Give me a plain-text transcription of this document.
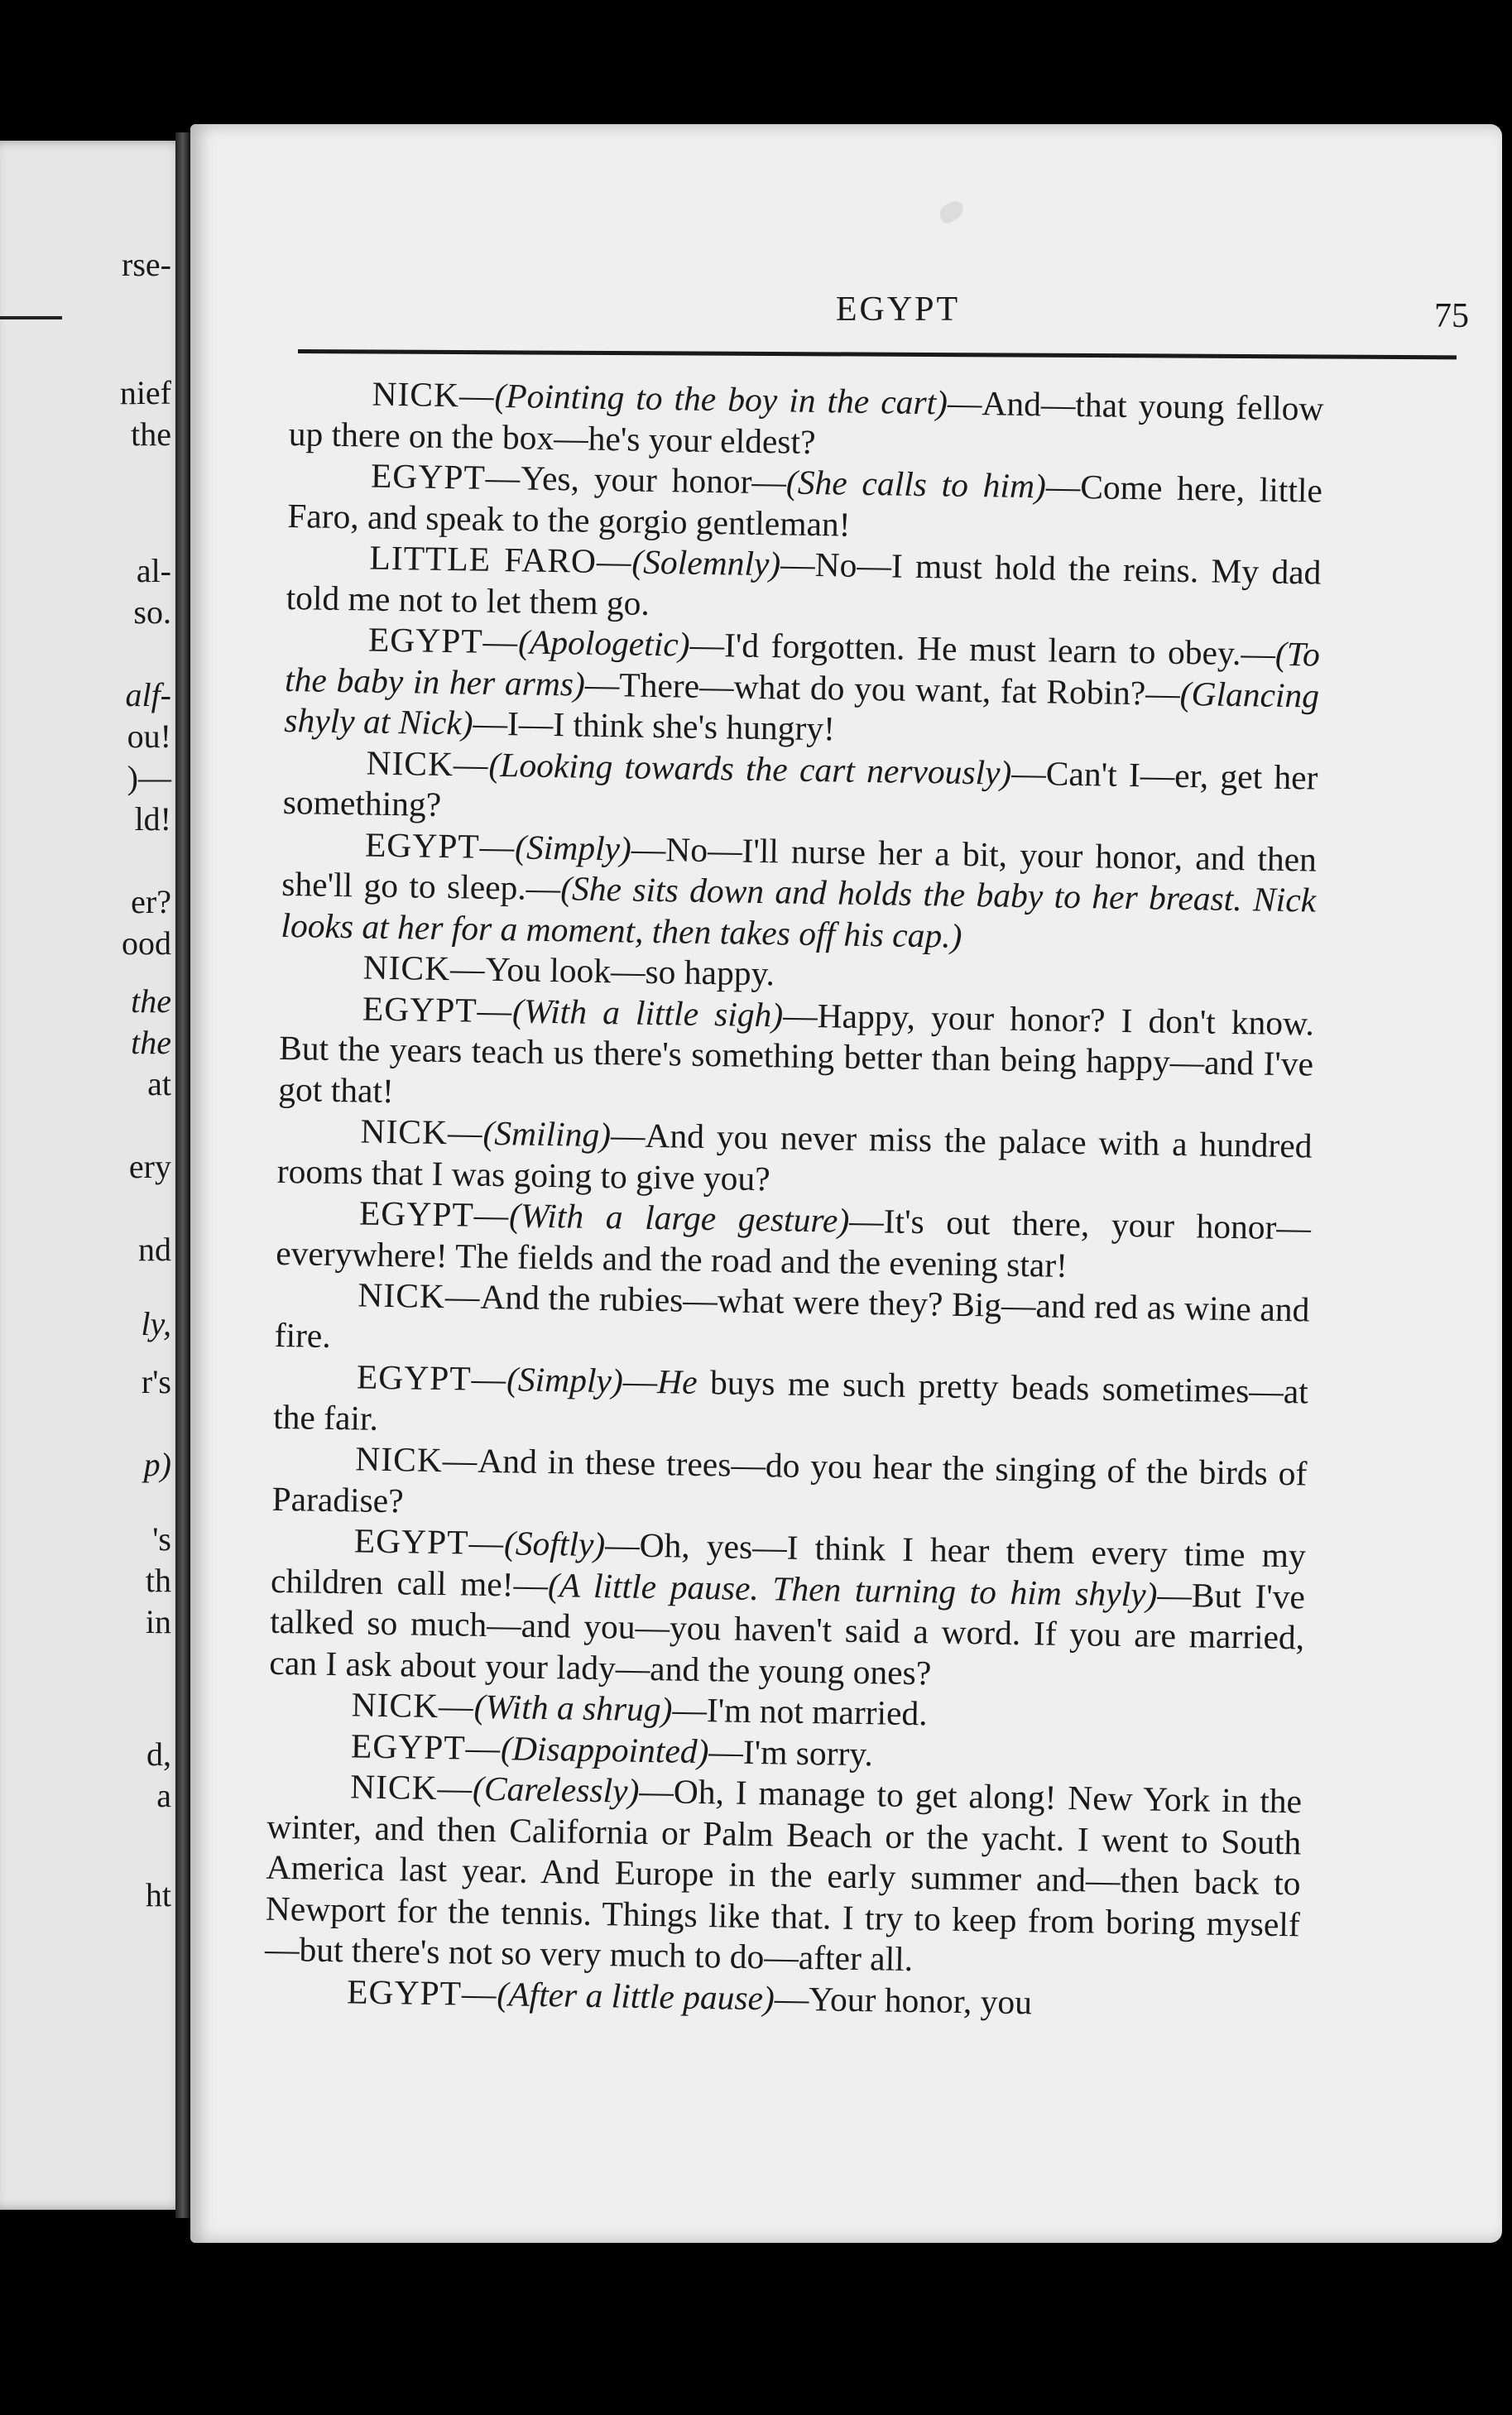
rse-
nief
the
al-
so.
alf-
ou!
)—
ld!
er?
ood
the
the
at
ery
nd
ly,
r's
p)
's
th
in
d,
a
ht
EGYPT	75

NICK—(Pointing to the boy in the cart)—And—that young fellow up there on the box—he's your eldest?

EGYPT—Yes, your honor—(She calls to him)—Come here, little Faro, and speak to the gorgio gentleman!

LITTLE FARO—(Solemnly)—No—I must hold the reins. My dad told me not to let them go.

EGYPT—(Apologetic)—I'd forgotten. He must learn to obey.—(To the baby in her arms)—There—what do you want, fat Robin?—(Glancing shyly at Nick)—I—I think she's hungry!

NICK—(Looking towards the cart nervously)—Can't I—er, get her something?

EGYPT—(Simply)—No—I'll nurse her a bit, your honor, and then she'll go to sleep.—(She sits down and holds the baby to her breast. Nick looks at her for a moment, then takes off his cap.)

NICK—You look—so happy.

EGYPT—(With a little sigh)—Happy, your honor? I don't know. But the years teach us there's something better than being happy—and I've got that!

NICK—(Smiling)—And you never miss the palace with a hundred rooms that I was going to give you?

EGYPT—(With a large gesture)—It's out there, your honor—everywhere! The fields and the road and the evening star!

NICK—And the rubies—what were they? Big—and red as wine and fire.

EGYPT—(Simply)—He buys me such pretty beads sometimes—at the fair.

NICK—And in these trees—do you hear the singing of the birds of Paradise?

EGYPT—(Softly)—Oh, yes—I think I hear them every time my children call me!—(A little pause. Then turning to him shyly)—But I've talked so much—and you—you haven't said a word. If you are married, can I ask about your lady—and the young ones?

NICK—(With a shrug)—I'm not married.

EGYPT—(Disappointed)—I'm sorry.

NICK—(Carelessly)—Oh, I manage to get along! New York in the winter, and then California or Palm Beach or the yacht. I went to South America last year. And Europe in the early summer and—then back to Newport for the tennis. Things like that. I try to keep from boring myself—but there's not so very much to do—after all.

EGYPT—(After a little pause)—Your honor, you
